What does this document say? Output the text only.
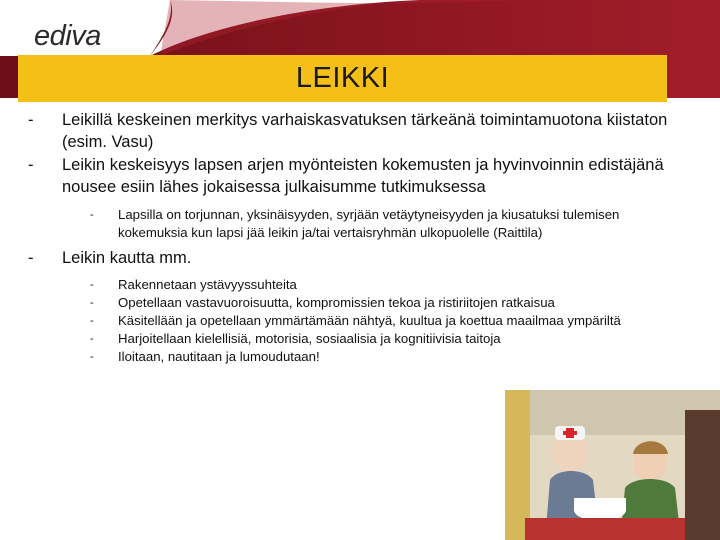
ediva
LEIKKI
-	Leikillä keskeinen merkitys varhaiskasvatuksen tärkeänä toimintamuotona kiistaton (esim. Vasu)
-	Leikin keskeisyys lapsen arjen myönteisten kokemusten ja hyvinvoinnin edistäjänä nousee esiin lähes jokaisessa julkaisumme tutkimuksessa
- Lapsilla on torjunnan, yksinäisyyden, syrjään vetäytyneisyyden ja kiusatuksi tulemisen kokemuksia kun lapsi jää leikin ja/tai vertaisryhmän ulkopuolelle (Raittila)
-	Leikin kautta mm.
- Rakennetaan ystävyyssuhteita
- Opetellaan vastavuoroisuutta, kompromissien tekoa ja ristiriitojen ratkaisua
- Käsitellään ja opetellaan ymmärtämään nähtyä, kuultua ja koettua maailmaa ympäriltä
- Harjoitellaan kielellisiä, motorisia, sosiaalisia ja kognitiivisia taitoja
- Iloitaan, nautitaan ja lumoudutaan!
